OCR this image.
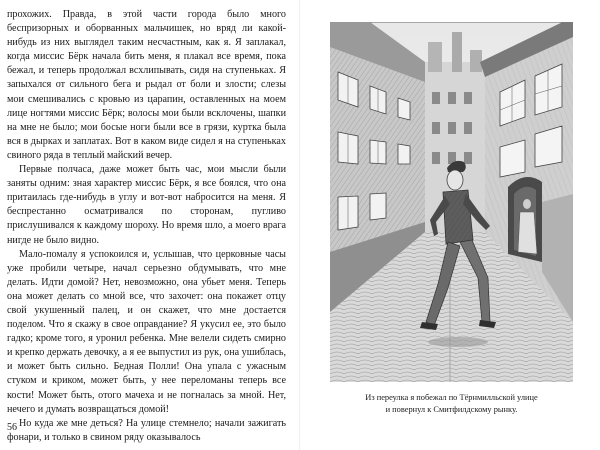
прохожих. Правда, в этой части города было много беспризорных и оборванных мальчишек, но вряд ли какой-нибудь из них выглядел таким несчастным, как я. Я заплакал, когда миссис Бёрк начала бить меня, я плакал все время, пока бежал, и теперь продолжал всхлипывать, сидя на ступеньках. Я запыхался от сильного бега и рыдал от боли и злости; слезы мои смешивались с кровью из царапин, оставленных на моем лице ногтями миссис Бёрк; волосы мои были всклочены, шапки на мне не было; мои босые ноги были все в грязи, куртка была вся в дырках и заплатах. Вот в каком виде сидел я на ступеньках свиного ряда в теплый майский вечер.

Первые полчаса, даже может быть час, мои мысли были заняты одним: зная характер миссис Бёрк, я все боялся, что она притаилась где-нибудь в углу и вот-вот набросится на меня. Я беспрестанно осматривался по сторонам, пугливо прислушивался к каждому шороху. Но время шло, а моего врага нигде не было видно.

Мало-помалу я успокоился и, услышав, что церковные часы уже пробили четыре, начал серьезно обдумывать, что мне делать. Идти домой? Нет, невозможно, она убьет меня. Теперь она может делать со мной все, что захочет: она покажет отцу свой укушенный палец, и он скажет, что мне достается поделом. Что я скажу в свое оправдание? Я укусил ее, это было гадко; кроме того, я уронил ребенка. Мне велели сидеть смирно и крепко держать девочку, а я ее выпустил из рук, она ушиблась, и может быть сильно. Бедная Полли! Она упала с ужасным стуком и криком, может быть, у нее переломаны теперь все кости! Может быть, отого мачеха и не погналась за мной. Нет, нечего и думать возвращаться домой!

Но куда же мне деться? На улице стемнело; начали зажигать фонари, и только в свином ряду оказывалось

56
Из переулка я побежал по Тёрнмилльской улице
и повернул к Смитфилдскому рынку.
